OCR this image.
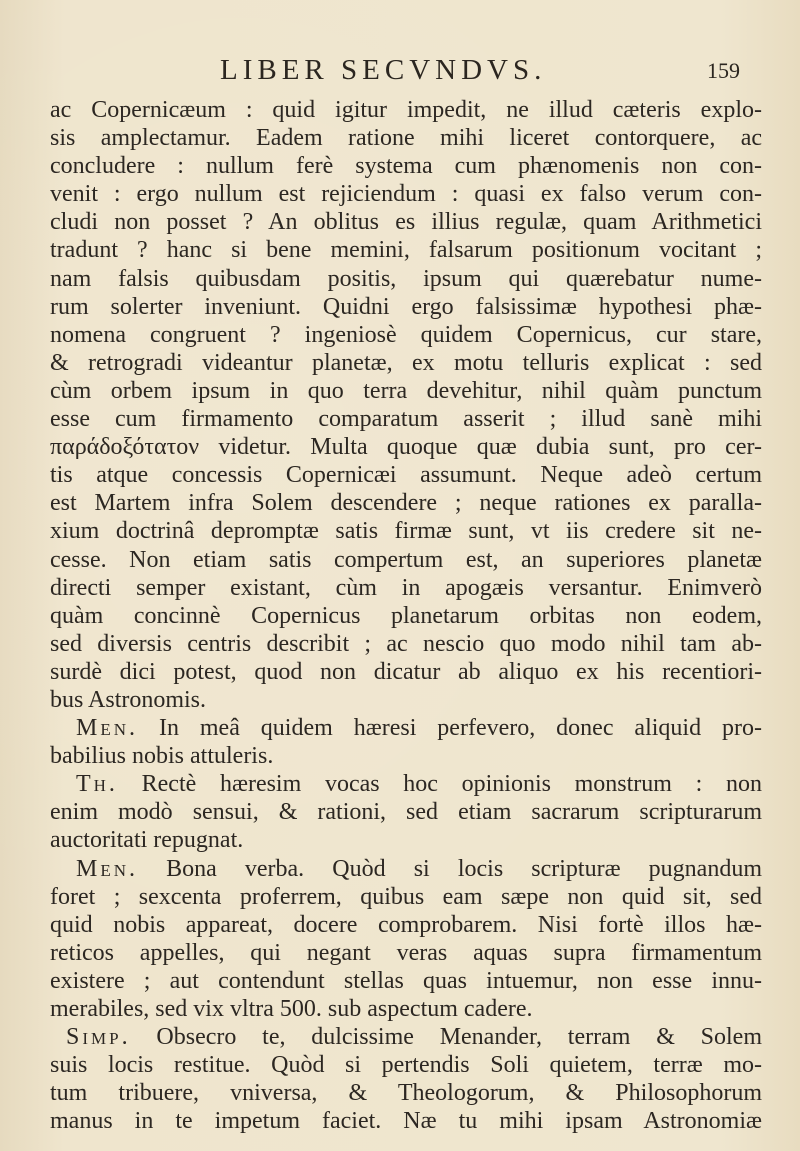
LIBER SECVNDVS.	159
ac Copernicæum : quid igitur impedit, ne illud cæteris explo-
sis amplectamur. Eadem ratione mihi liceret contorquere, ac
concludere : nullum ferè systema cum phænomenis non con-
venit : ergo nullum est rejiciendum : quasi ex falso verum con-
cludi non posset ? An oblitus es illius regulæ, quam Arithmetici
tradunt ? hanc si bene memini, falsarum positionum vocitant ;
nam falsis quibusdam positis, ipsum qui quærebatur nume-
rum solerter inveniunt. Quidni ergo falsissimæ hypothesi phæ-
nomena congruent ? ingeniosè quidem Copernicus, cur stare,
& retrogradi videantur planetæ, ex motu telluris explicat : sed
cùm orbem ipsum in quo terra devehitur, nihil quàm punctum
esse cum firmamento comparatum asserit ; illud sanè mihi
παράδοξότατον videtur. Multa quoque quæ dubia sunt, pro cer-
tis atque concessis Copernicæi assumunt. Neque adeò certum
est Martem infra Solem descendere ; neque rationes ex paralla-
xium doctrinâ depromptæ satis firmæ sunt, vt iis credere sit ne-
cesse. Non etiam satis compertum est, an superiores planetæ
directi semper existant, cùm in apogæis versantur. Enimverò
quàm concinnè Copernicus planetarum orbitas non eodem,
sed diversis centris describit ; ac nescio quo modo nihil tam ab-
surdè dici potest, quod non dicatur ab aliquo ex his recentiori-
bus Astronomis.
Men. In meâ quidem hæresi perfevero, donec aliquid pro-
babilius nobis attuleris.
Th. Rectè hæresim vocas hoc opinionis monstrum : non
enim modò sensui, & rationi, sed etiam sacrarum scripturarum
auctoritati repugnat.
Men. Bona verba. Quòd si locis scripturæ pugnandum
foret ; sexcenta proferrem, quibus eam sæpe non quid sit, sed
quid nobis appareat, docere comprobarem. Nisi fortè illos hæ-
reticos appelles, qui negant veras aquas supra firmamentum
existere ; aut contendunt stellas quas intuemur, non esse innu-
merabiles, sed vix vltra 500. sub aspectum cadere.
Simp. Obsecro te, dulcissime Menander, terram & Solem
suis locis restitue. Quòd si pertendis Soli quietem, terræ mo-
tum tribuere, vniversa, & Theologorum, & Philosophorum
manus in te impetum faciet. Næ tu mihi ipsam Astronomiæ
